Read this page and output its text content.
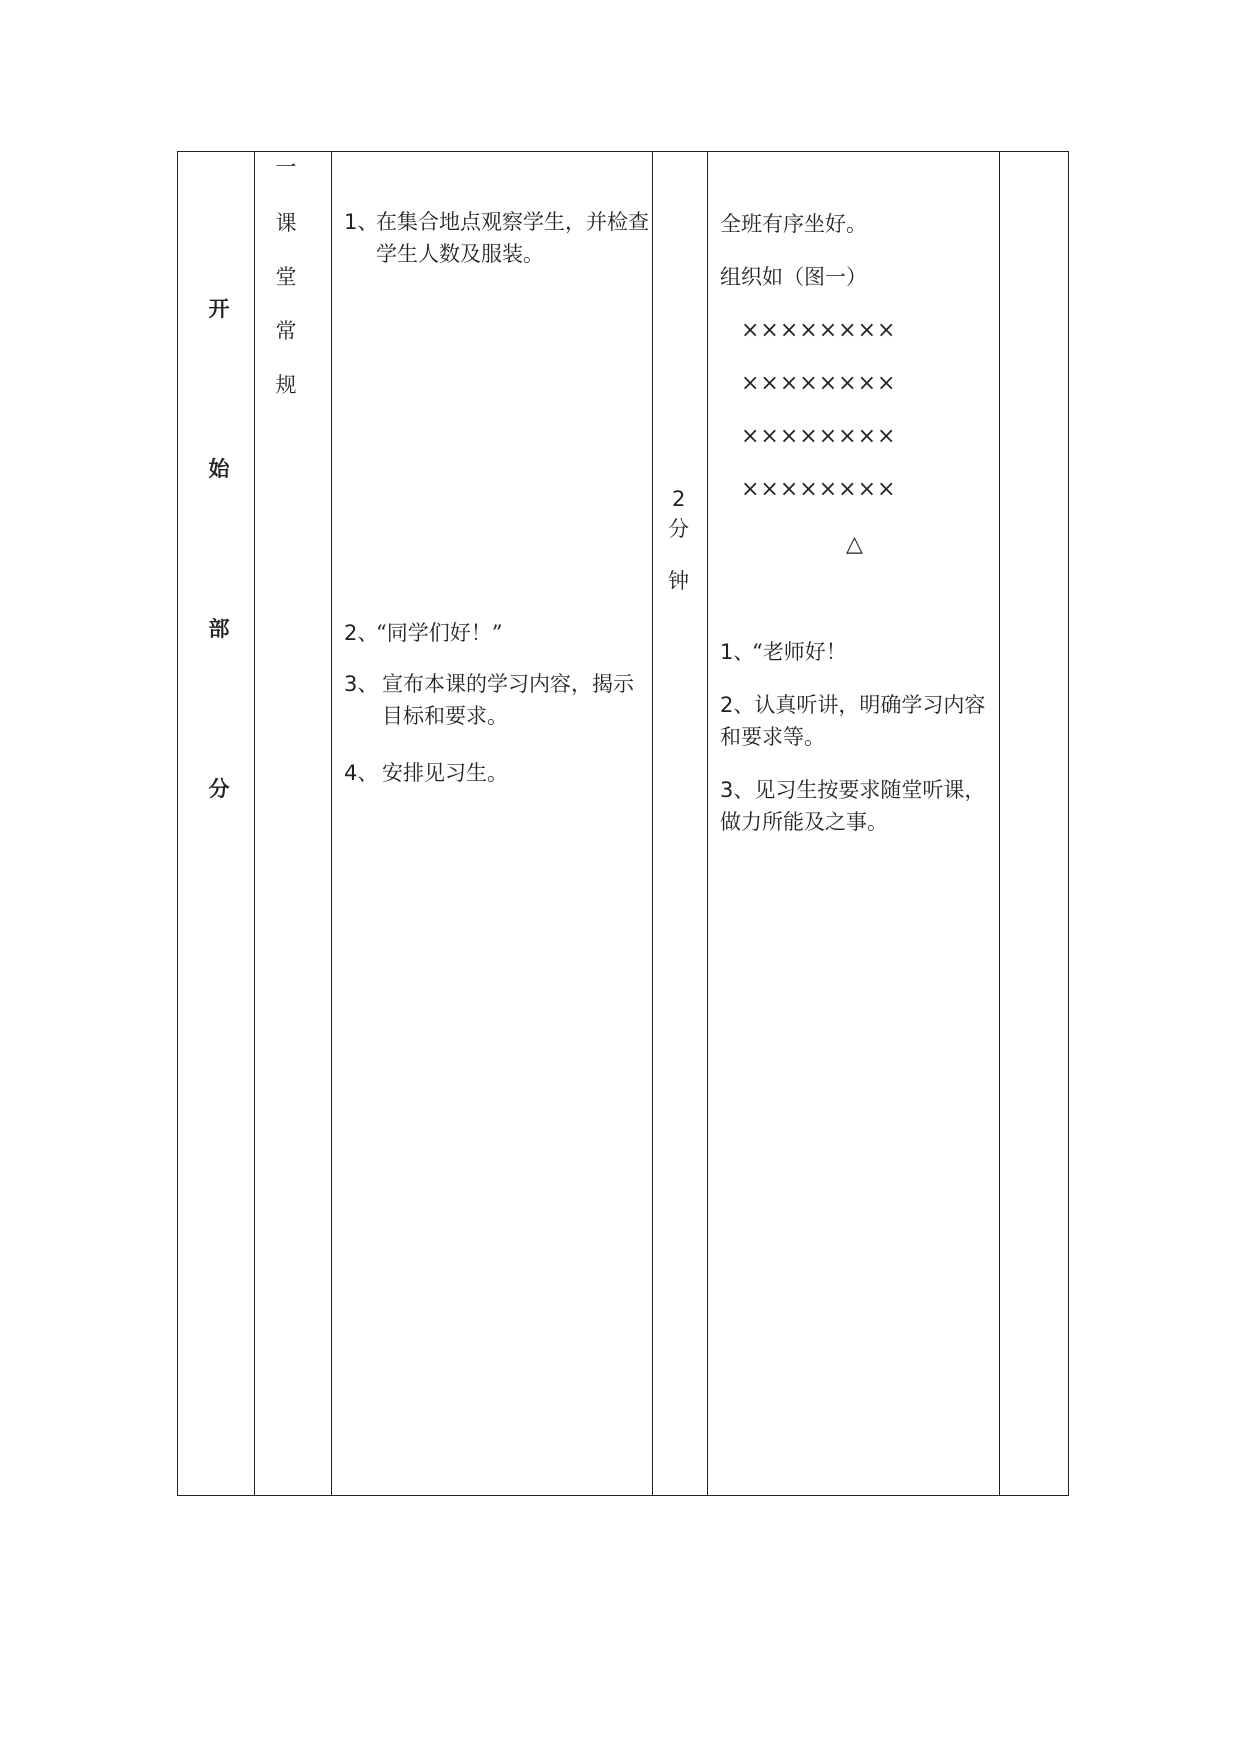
开
始
部
分
一
课
堂
常
规
1、
在集合地点观察学生，并检查学生人数及服装。
2、
“同学们好！”
3、 宣布本课的学习内容，揭示目标和要求。
4、 安排见习生。
2
分
钟
全班有序坐好。
组织如（图一）
××××××××
××××××××
××××××××
××××××××
△
1、
“老师好！
2、认真听讲，明确学习内容和要求等。
3、见习生按要求随堂听课，做力所能及之事。
